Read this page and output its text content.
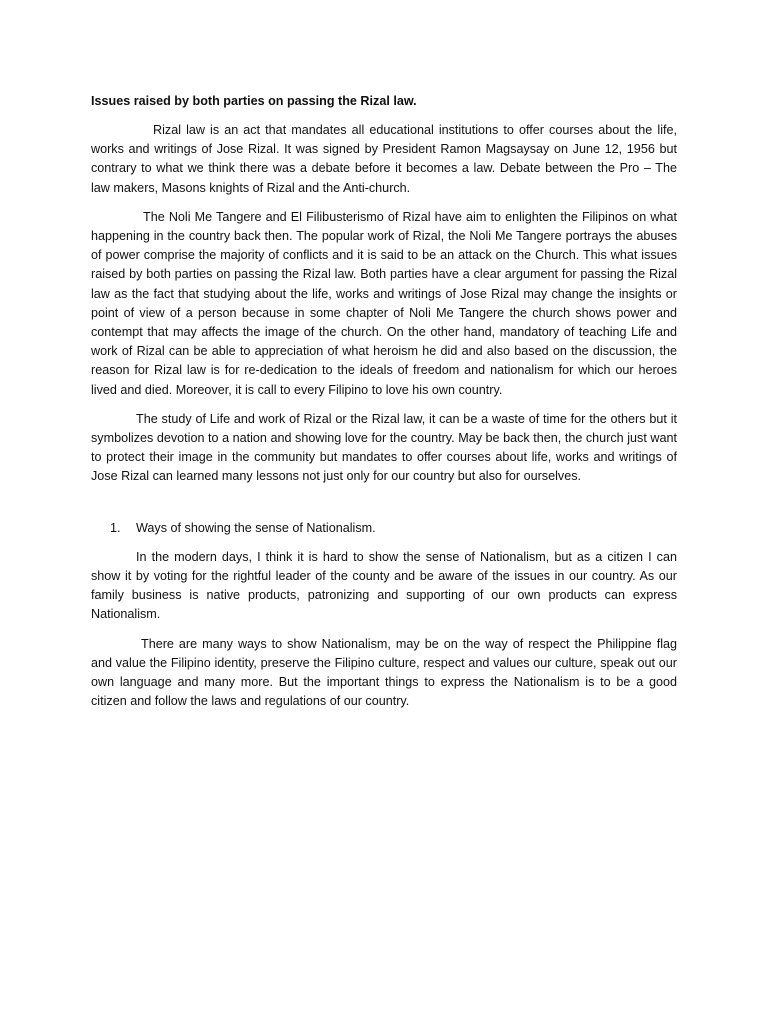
Issues raised by both parties on passing the Rizal law.

Rizal law is an act that mandates all educational institutions to offer courses about the life, works and writings of Jose Rizal. It was signed by President Ramon Magsaysay on June 12, 1956 but contrary to what we think there was a debate before it becomes a law. Debate between the Pro – The law makers, Masons knights of Rizal and the Anti-church.

The Noli Me Tangere and El Filibusterismo of Rizal have aim to enlighten the Filipinos on what happening in the country back then. The popular work of Rizal, the Noli Me Tangere portrays the abuses of power comprise the majority of conflicts and it is said to be an attack on the Church. This what issues raised by both parties on passing the Rizal law. Both parties have a clear argument for passing the Rizal law as the fact that studying about the life, works and writings of Jose Rizal may change the insights or point of view of a person because in some chapter of Noli Me Tangere the church shows power and contempt that may affects the image of the church. On the other hand, mandatory of teaching Life and work of Rizal can be able to appreciation of what heroism he did and also based on the discussion, the reason for Rizal law is for re-dedication to the ideals of freedom and nationalism for which our heroes lived and died. Moreover, it is call to every Filipino to love his own country.

The study of Life and work of Rizal or the Rizal law, it can be a waste of time for the others but it symbolizes devotion to a nation and showing love for the country. May be back then, the church just want to protect their image in the community but mandates to offer courses about life, works and writings of Jose Rizal can learned many lessons not just only for our country but also for ourselves.

1.	Ways of showing the sense of Nationalism.

In the modern days, I think it is hard to show the sense of Nationalism, but as a citizen I can show it by voting for the rightful leader of the county and be aware of the issues in our country. As our family business is native products, patronizing and supporting of our own products can express Nationalism.

There are many ways to show Nationalism, may be on the way of respect the Philippine flag and value the Filipino identity, preserve the Filipino culture, respect and values our culture, speak out our own language and many more. But the important things to express the Nationalism is to be a good citizen and follow the laws and regulations of our country.
